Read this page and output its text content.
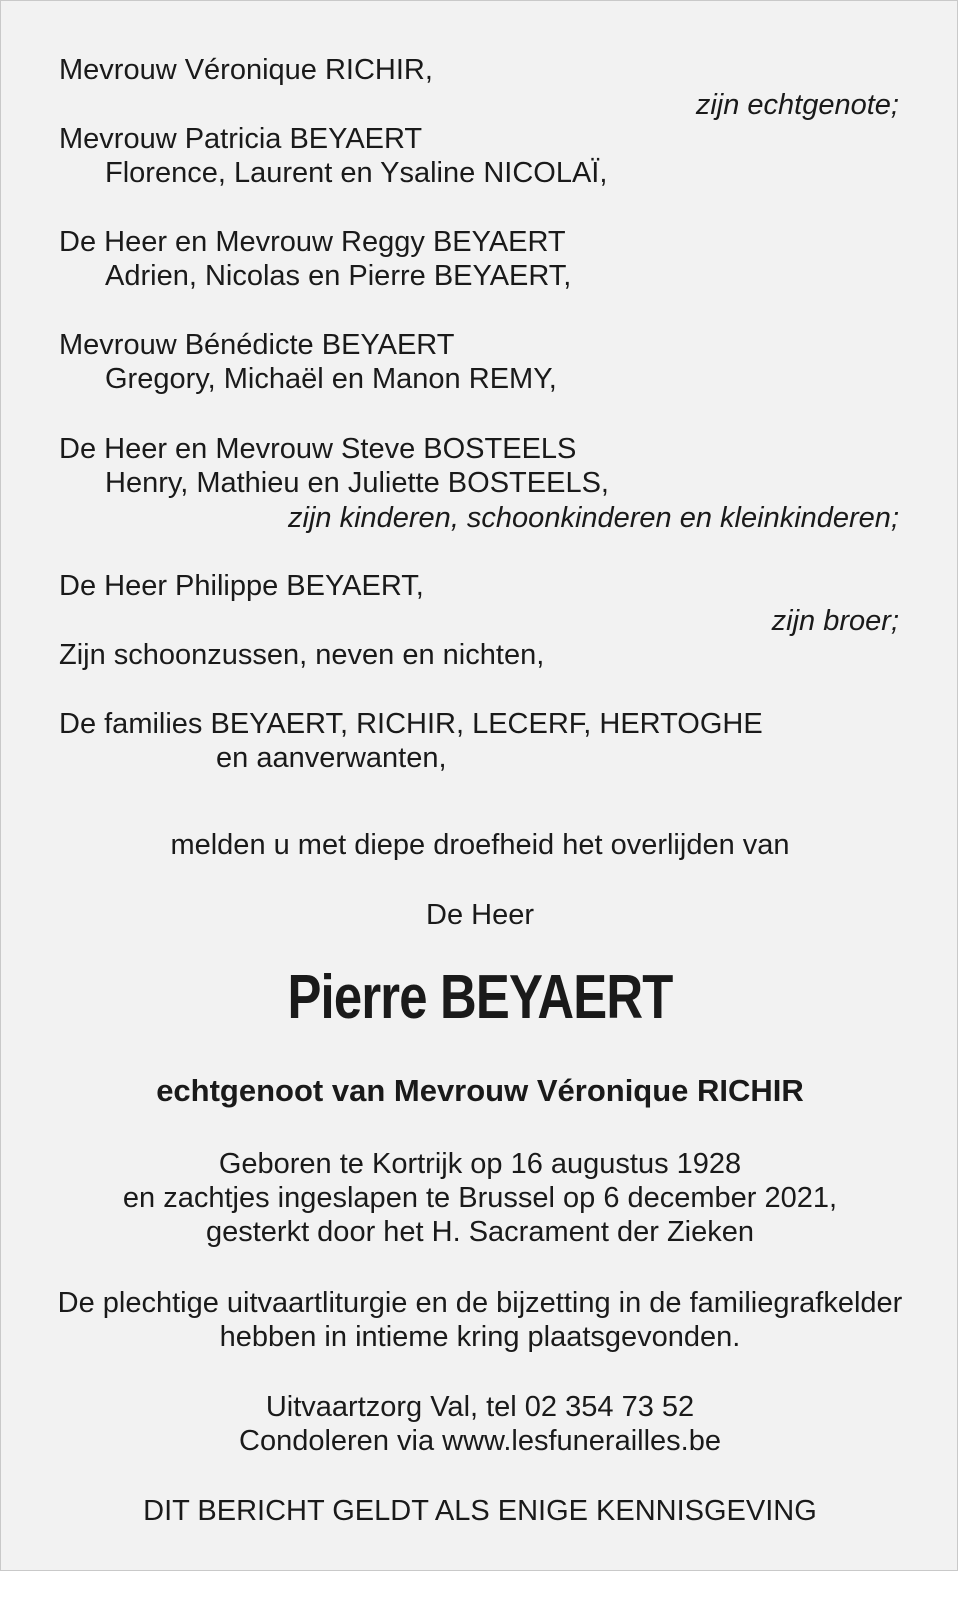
Mevrouw Véronique RICHIR,
zijn echtgenote;
Mevrouw Patricia BEYAERT
Florence, Laurent en Ysaline NICOLAÏ,
De Heer en Mevrouw Reggy BEYAERT
Adrien, Nicolas en Pierre BEYAERT,
Mevrouw Bénédicte BEYAERT
Gregory, Michaël en Manon REMY,
De Heer en Mevrouw Steve BOSTEELS
Henry, Mathieu en Juliette BOSTEELS,
zijn kinderen, schoonkinderen en kleinkinderen;
De Heer Philippe BEYAERT,
zijn broer;
Zijn schoonzussen, neven en nichten,
De families BEYAERT, RICHIR, LECERF, HERTOGHE
en aanverwanten,
melden u met diepe droefheid het overlijden van
De Heer
Pierre BEYAERT
echtgenoot van Mevrouw Véronique RICHIR
Geboren te Kortrijk op 16 augustus 1928
en zachtjes ingeslapen te Brussel op 6 december 2021,
gesterkt door het H. Sacrament der Zieken
De plechtige uitvaartliturgie en de bijzetting in de familiegrafkelder
hebben in intieme kring plaatsgevonden.
Uitvaartzorg Val, tel 02 354 73 52
Condoleren via www.lesfunerailles.be
DIT BERICHT GELDT ALS ENIGE KENNISGEVING
